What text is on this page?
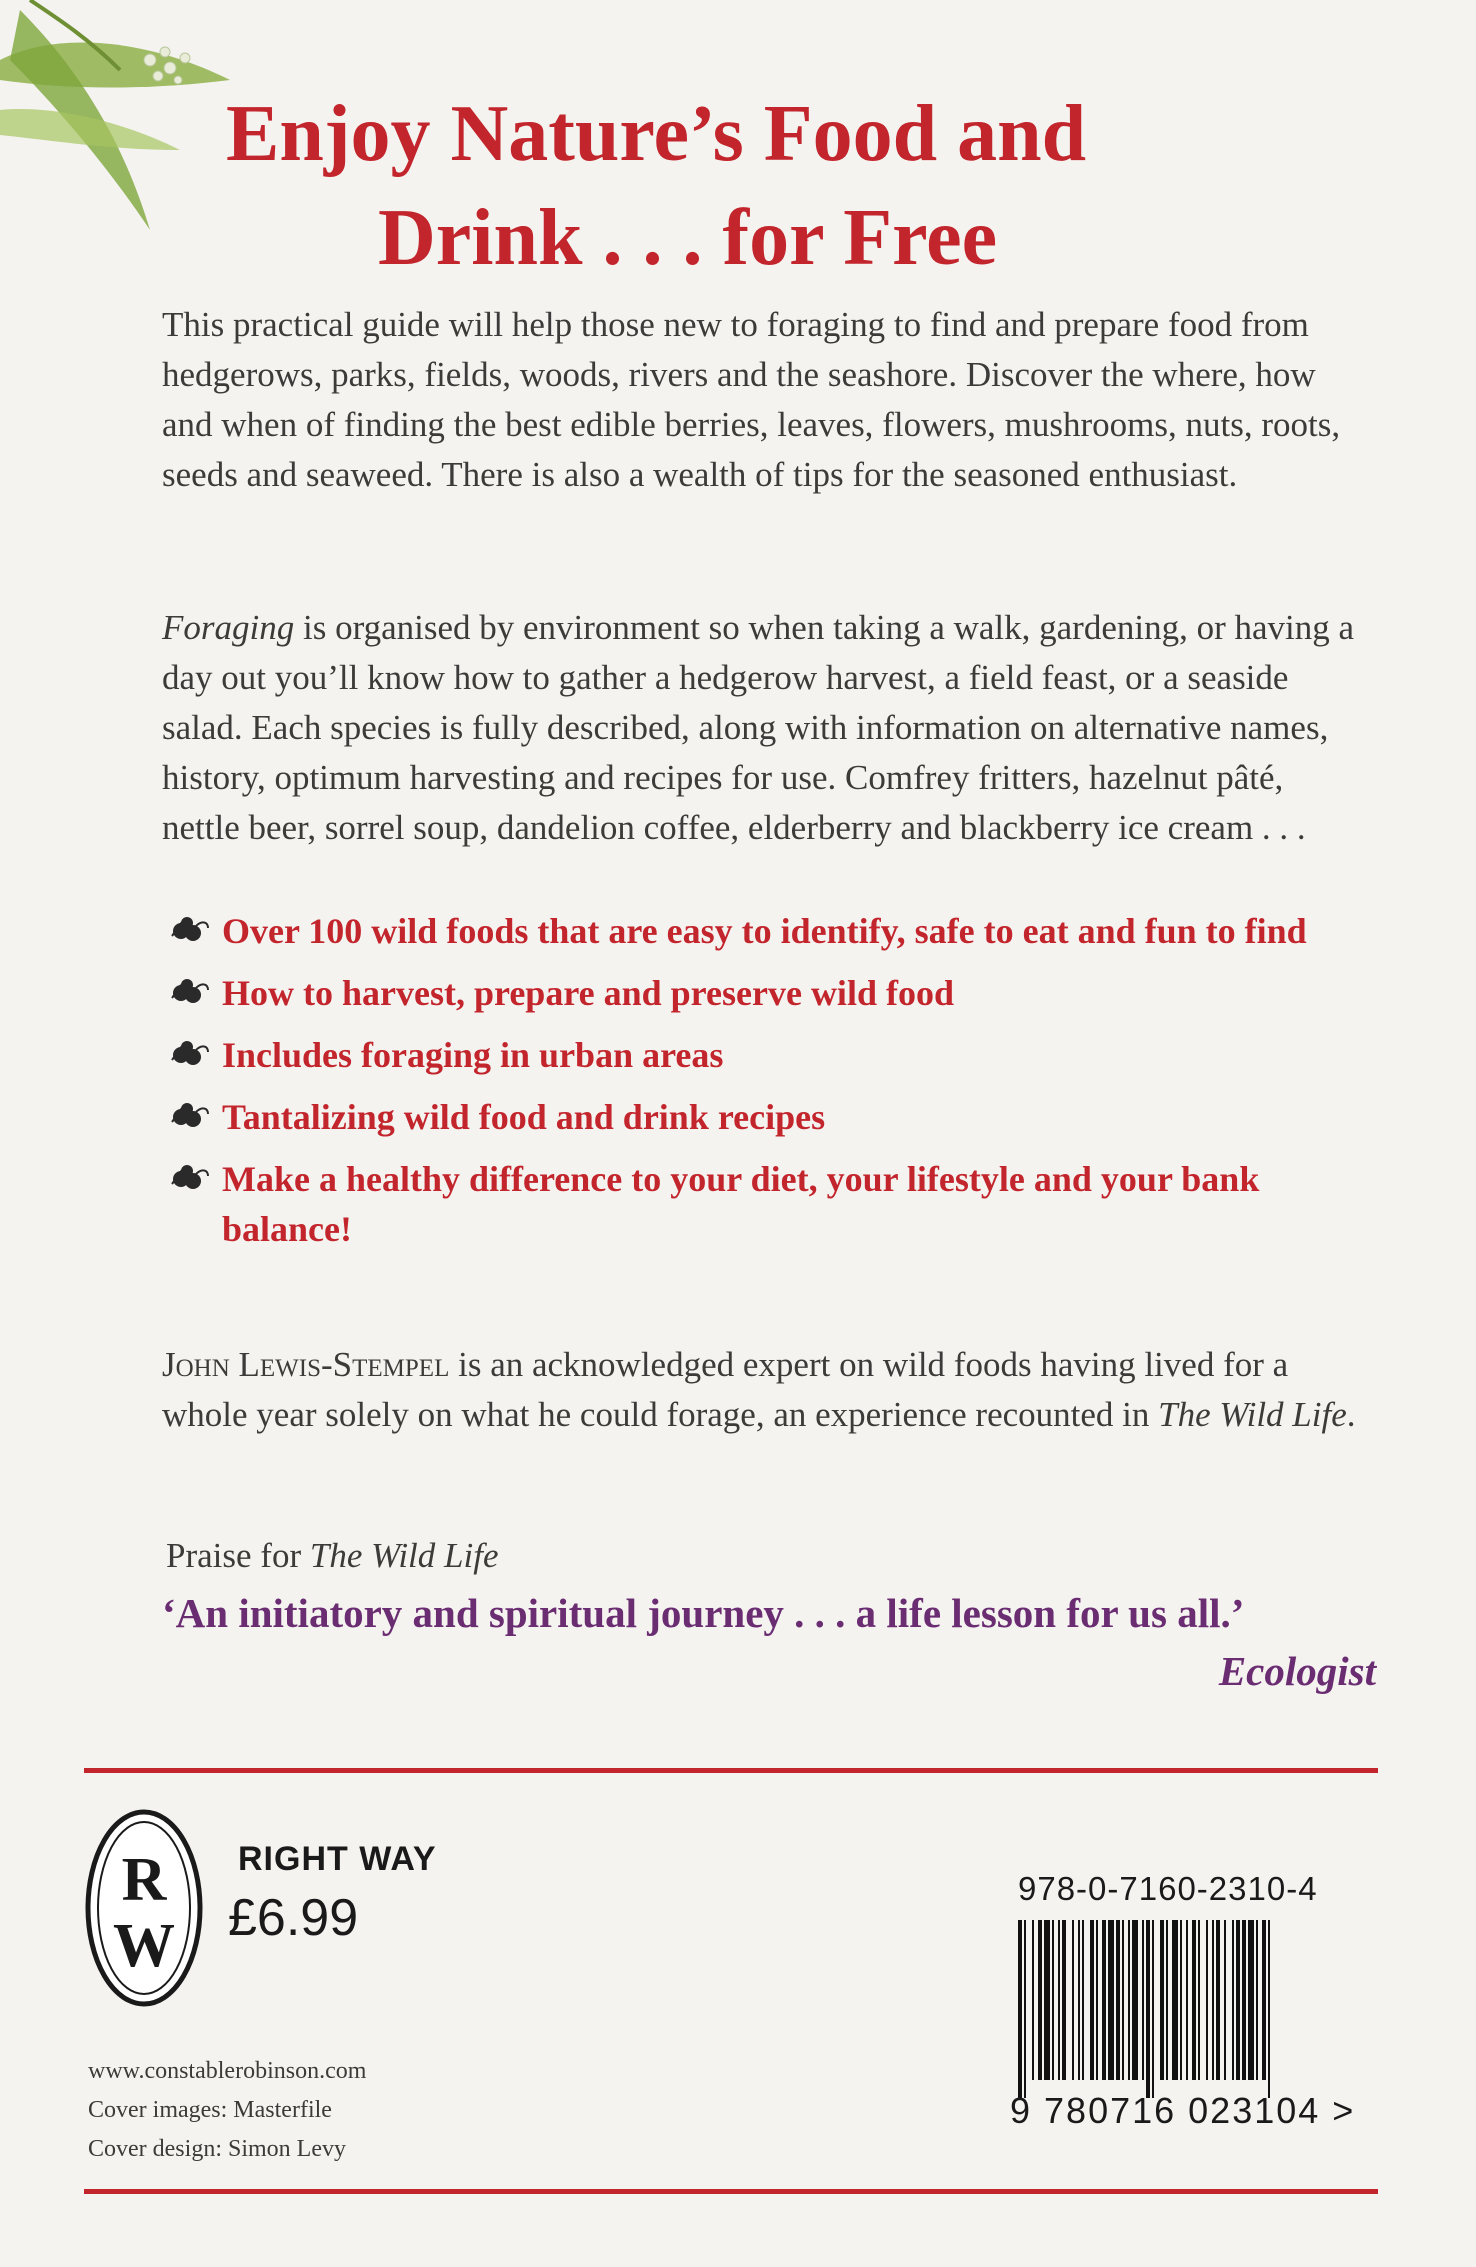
Enjoy Nature’s Food and
Drink . . . for Free

This practical guide will help those new to foraging to find and prepare food from hedgerows, parks, fields, woods, rivers and the seashore. Discover the where, how and when of finding the best edible berries, leaves, flowers, mushrooms, nuts, roots, seeds and seaweed. There is also a wealth of tips for the seasoned enthusiast.

Foraging is organised by environment so when taking a walk, gardening, or having a day out you’ll know how to gather a hedgerow harvest, a field feast, or a seaside salad. Each species is fully described, along with information on alternative names, history, optimum harvesting and recipes for use. Comfrey fritters, hazelnut pâté, nettle beer, sorrel soup, dandelion coffee, elderberry and blackberry ice cream . . .

Over 100 wild foods that are easy to identify, safe to eat and fun to find
How to harvest, prepare and preserve wild food
Includes foraging in urban areas
Tantalizing wild food and drink recipes
Make a healthy difference to your diet, your lifestyle and your bank balance!

John Lewis-Stempel is an acknowledged expert on wild foods having lived for a whole year solely on what he could forage, an experience recounted in The Wild Life.

Praise for The Wild Life

‘An initiatory and spiritual journey . . . a life lesson for us all.’

Ecologist

R
W

RIGHT WAY

£6.99

www.constablerobinson.com
Cover images: Masterfile
Cover design: Simon Levy

978-0-7160-2310-4

9 780716 023104 >
